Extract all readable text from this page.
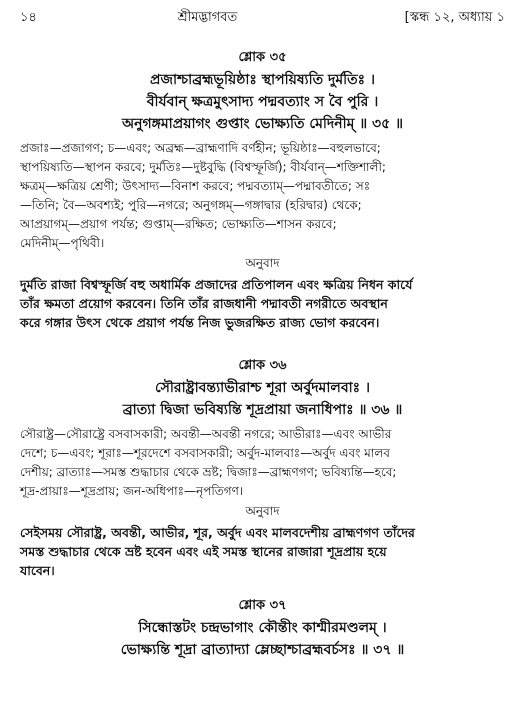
১৪	শ্রীমদ্ভাগবত	[স্কন্ধ ১২, অধ্যায় ১
শ্লোক ৩৫
প্রজাশ্চাব্রহ্মভূয়িষ্ঠাঃ স্থাপয়িষ্যতি দুর্মতিঃ ।
বীর্যবান্‌ ক্ষত্রমুৎসাদ্য পদ্মবত্যাং স বৈ পুরি ।
অনুগঙ্গমাপ্রয়াগং গুপ্তাং ভোক্ষ্যতি মেদিনীম্‌ ॥ ৩৫ ॥
প্রজাঃ—প্রজাগণ; চ—এবং; অব্রহ্ম—ব্রাহ্মণাদি বর্ণহীন; ভূয়িষ্ঠাঃ—বহুলভাবে;
স্থাপয়িষ্যতি—স্থাপন করবে; দুর্মতিঃ—দুষ্টবুদ্ধি (বিশ্বস্ফূর্জি); বীর্যবান্‌—শক্তিশালী;
ক্ষত্রম্‌—ক্ষত্রিয় শ্রেণী; উৎসাদ্য—বিনাশ করবে; পদ্মবত্যাম্‌—পদ্মাবতীতে; সঃ
—তিনি; বৈ—অবশ্যই; পুরি—নগরে; অনুগঙ্গম্‌—গঙ্গাদ্বার (হরিদ্বার) থেকে;
আপ্রয়াগম্‌—প্রয়াগ পর্যন্ত; গুপ্তাম্‌—রক্ষিত; ভোক্ষ্যতি—শাসন করবে;
মেদিনীম্‌—পৃথিবী।
অনুবাদ
দুর্মতি রাজা বিশ্বস্ফূর্জি বহু অধার্মিক প্রজাদের প্রতিপালন এবং ক্ষত্রিয় নিধন কার্যে
তাঁর ক্ষমতা প্রয়োগ করবেন। তিনি তাঁর রাজধানী পদ্মাবতী নগরীতে অবস্থান
করে গঙ্গার উৎস থেকে প্রয়াগ পর্যন্ত নিজ ভুজরক্ষিত রাজ্য ভোগ করবেন।
শ্লোক ৩৬
সৌরাষ্ট্রাবন্ত্যাভীরাশ্চ শূরা অর্বুদমালবাঃ ।
ব্রাত্যা দ্বিজা ভবিষ্যন্তি শূদ্রপ্রায়া জনাধিপাঃ ॥ ৩৬ ॥
সৌরাষ্ট্র—সৌরাষ্ট্রে বসবাসকারী; অবন্তী—অবন্তী নগরে; আভীরাঃ—এবং আভীর
দেশে; চ—এবং; শূরাঃ—শূরদেশে বসবাসকারী; অর্বুদ-মালবাঃ—অর্বুদ এবং মালব
দেশীয়; ব্রাত্যাঃ—সমস্ত শুদ্ধাচার থেকে ভ্রষ্ট; দ্বিজাঃ—ব্রাহ্মণগণ; ভবিষ্যন্তি—হবে;
শূদ্র-প্রায়াঃ—শূদ্রপ্রায়; জন-অধিপাঃ—নৃপতিগণ।
অনুবাদ
সেইসময় সৌরাষ্ট্র, অবন্তী, আভীর, শূর, অর্বুদ এবং মালবদেশীয় ব্রাহ্মণগণ তাঁদের
সমস্ত শুদ্ধাচার থেকে ভ্রষ্ট হবেন এবং এই সমস্ত স্থানের রাজারা শূদ্রপ্রায় হয়ে
যাবেন।
শ্লোক ৩৭
সিন্ধোস্তটং চন্দ্রভাগাং কৌন্তীং কাশ্মীরমণ্ডলম্‌ ।
ভোক্ষ্যন্তি শূদ্রা ব্রাত্যাদ্যা ম্লেচ্ছাশ্চাব্রহ্মবর্চসঃ ॥ ৩৭ ॥
